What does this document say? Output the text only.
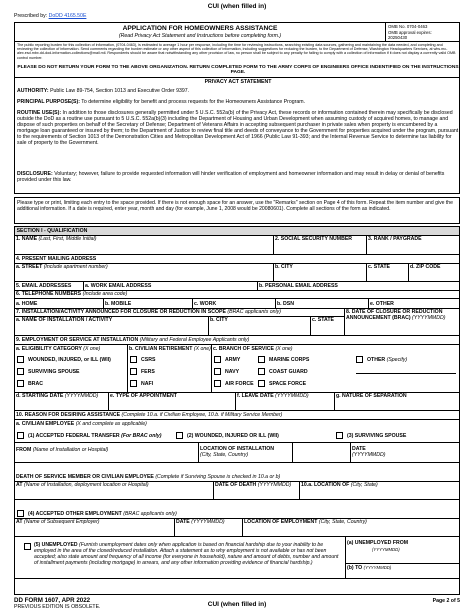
CUI (when filled in)
Prescribed by: DoDD 4165.50E
APPLICATION FOR HOMEOWNERS ASSISTANCE
(Read Privacy Act Statement and Instructions before completing form.)
OMB No. 0704-0463
OMB approval expires:
20250430
The public reporting burden for this collection of information, (0704-0463), is estimated to average 1 hour per response, including the time for reviewing instructions, searching existing data sources, gathering and maintaining the data needed, and completing and reviewing the collection of information. Send comments regarding the burden estimate or any other aspect of this collection of information, including suggestions for reducing the burden, to the Department of Defense, Washington Headquarters Services, at whs.mc-alex.esd.mbx.dd-dod-information-collections@mail.mil. Respondents should be aware that notwithstanding any other provision of law, no person shall be subject to any penalty for failing to comply with a collection of information if it does not display a currently valid OMB control number.
PLEASE DO NOT RETURN YOUR FORM TO THE ABOVE ORGANIZATION. RETURN COMPLETED FORM TO THE ARMY CORPS OF ENGINEERS OFFICE INDENTIFIED ON THE INSTRUCTIONS PAGE.
PRIVACY ACT STATEMENT
AUTHORITY: Public Law 89-754, Section 1013 and Executive Order 9397.
PRINCIPAL PURPOSE(S): To determine eligibility for benefit and process requests for the Homeowners Assistance Program.
ROUTINE USE(S): In addition to those disclosures generally permitted under 5 U.S.C. 552a(b) of the Privacy Act, these records or information contained therein may specifically be disclosed outside the DoD as a routine use pursuant to 5 U.S.C. 552a(b)(3) including the Department of Housing and Urban Development when assuming custody of acquired homes, to manage and dispose of such properties on behalf of the Secretary of Defense; Department of Veterans Affairs in accepting subsequent purchaser in private sales when property is encumbered by a mortgage loan guaranteed or insured by them; to the Department of Justice to review final title and deeds of conveyance to the Government for properties acquired under the program, pursuant to the requirements of Section 1013 of the Demonstration Cities and Metropolitan Development Act of 1966 (Public Law 91-393; and the Internal Revenue Service to determine tax liability for sale of property to the Government.
DISCLOSURE: Voluntary; however, failure to provide requested information will hinder verification of employment and homeowner information and may result in delay or denial of benefits provided under this law.
Please type or print, limiting each entry to the space provided. If there is not enough space for an answer, use the "Remarks" section on Page 4 of this form. Repeat the item number and give the additional information. If a date is required, enter year, month and day (for example, June 1, 2008 would be 20080601). Complete all sections of the form as indicated.
SECTION I - QUALIFICATION
1. NAME (Last, First, Middle Initial)	2. SOCIAL SECURITY NUMBER	3. RANK / PAYGRADE
4. PRESENT MAILING ADDRESS
a. STREET (Include apartment number)	b. CITY	c. STATE	d. ZIP CODE
5. EMAIL ADDRESSES	a. WORK EMAIL ADDRESS	b. PERSONAL EMAIL ADDRESS
6. TELEPHONE NUMBERS (Include area code)
a. HOME	b. MOBILE	c. WORK	b. DSN	e. OTHER
7. INSTALLATION/ACTIVITY ANNOUNCED FOR CLOSURE OR REDUCTION IN SCOPE (BRAC applicants only)
a. NAME OF INSTALLATION / ACTIVITY	b. CITY	c. STATE
8. DATE OF CLOSURE OR REDUCTION ANNOUNCEMENT (BRAC) (YYYYMMDD)
9. EMPLOYMENT OR SERVICE AT INSTALLATION (Military and Federal Employee Applicants only)
a. ELIGIBILITY CATEGORY (X one)
WOUNDED, INJURED, or ILL (WII)
SURVIVING SPOUSE
BRAC
b. CIVILIAN RETIREMENT (X one)
CSRS
FERS
NAFI
c. BRANCH OF SERVICE (X one)
ARMY
NAVY
AIR FORCE
MARINE CORPS
COAST GUARD
SPACE FORCE
OTHER (Specify)
d. STARTING DATE (YYYYMMDD) e. TYPE OF APPOINTMENT	f. LEAVE DATE (YYYYMMDD)	g. NATURE OF SEPARATION
10. REASON FOR DESIRING ASSISTANCE (Complete 10.a. if Civilian Employee, 10.b. if Military Service Member)
a. CIVILIAN EMPLOYEE (X and complete as applicable)
(1) ACCEPTED FEDERAL TRANSFER (For BRAC only)	(2) WOUNDED, INJURED OR ILL (WII)	(3) SURVIVING SPOUSE
FROM (Name of Installation or Hospital)	LOCATION OF INSTALLATION
(City, State, Country)
DATE
(YYYYMMDD)
DEATH OF SERVICE MEMBER OR CIVILIAN EMPLOYEE (Complete if Surviving Spouse is checked in 10.a or b)
AT (Name of Installation, deployment location or Hospital)	DATE OF DEATH (YYYYMMDD) 10.a. LOCATION OF (City, State)
(4) ACCEPTED OTHER EMPLOYMENT (BRAC applicants only)
AT (Name of Subsequent Employer)	DATE (YYYYMMDD)	LOCATION OF EMPLOYMENT (City, State, Country)
(5) UNEMPLOYED (Furnish unemployment dates only when application is based on financial hardship due to your inability to be employed in the area of the closed/reduced installation. Attach a statement as to why employment is not available or has not been accepted; also state amount and frequency of all income (for everyone in household), nature and amount of debts, number and amount of installment payments (including mortgage) in arrears, and any other information providing evidence of financial hardship.)
(a) UNEMPLOYED FROM
(YYYYMMDD)
(b) TO (YYYYMMDD)
DD FORM 1607, APR 2022
PREVIOUS EDITION IS OBSOLETE.	CUI (when filled in)	Page 2 of 5
